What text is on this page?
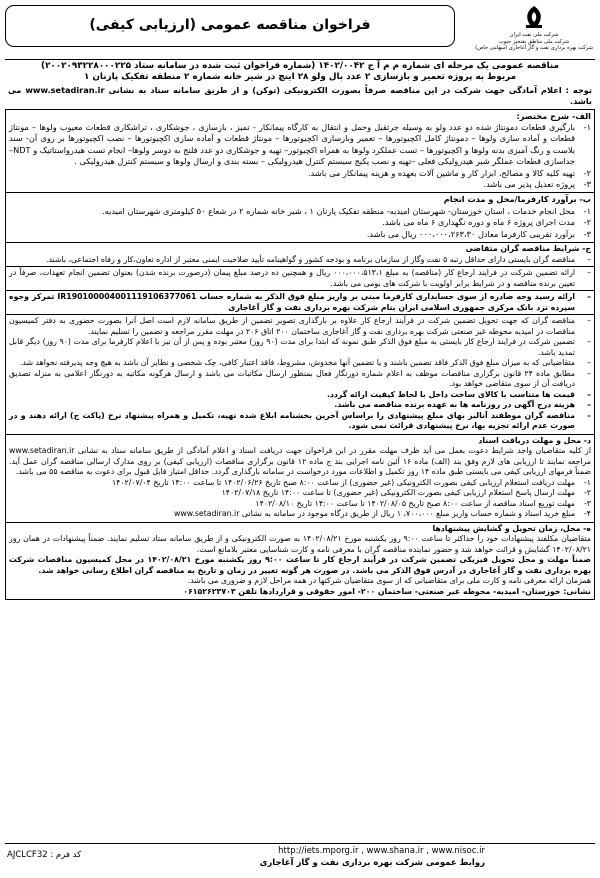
شرکت ملی نفت ایران
شرکت ملی مناطق نفتخیز جنوب
شرکت بهره برداری نفت و گاز آغاجاری (سهامی خاص)
فراخوان مناقصه عمومی (ارزیابی کیفی)
مناقصه عمومی یک مرحله ای شماره م م آ ج ۱۴۰۲/۰۰۴۲ (شماره فراخوان ثبت شده در سامانه ستاد ۲۰۰۲۰۹۳۲۲۸۰۰۰۲۲۵)
مربوط به پروژه تعمیر و بازسازی ۲ عدد بال ولو ۲۸ اینچ در شیر خانه شماره ۲ منطقه تفکیک پازنان ۱
توجه : اعلام آمادگی جهت شرکت در این مناقصه صرفاً بصورت الکترونیکی (توکن) و از طریق سامانه ستاد به نشانی www.setadiran.ir می باشد.
الف- شرح مختصر:
۱-
بارگیری قطعات دمونتاژ شده دو عدد ولو به وسیله جرثقیل وحمل و انتقال به کارگاه پیمانکار - تمیز ، بازسازی ، جوشکاری ، تراشکاری قطعات معیوب ولوها – مونتاژ قطعات و آماده سازی ولوها – دمونتاژ کامل اکچیوتورها – تعمیر وبازسازی اکچیوتورها – مونتاژ قطعات و آماده سازی اکچیوتورها – نصب اکچیوتورها بر روی آن- سند بلاست و رنگ آمیزی بدنه ولوها و اکچیوتورها – تست عملکرد ولوها به همراه اکچیوتور– تهیه و جوشکاری دو عدد فلنج به دوسر ولوها– انجام تست هیدرواستاتیک و NDT– جداسازی قطعات عملگر شیر هیدرولیکی فعلی –تهیه و نصب پکیج سیستم کنترل هیدرولیکی – بسته بندی و ارسال ولوها و سیستم کنترل هیدرولیکی .
۲-
تهیه کلیه کالا و مصالح، ابزار کار و ماشین آلات بعهده و هزینه پیمانکار می باشد.
۳-
پروژه تعدیل پذیر می باشد.
ب- برآورد کارفرما/محل و مدت انجام
۱-
محل انجام خدمات ، استان خوزستان- شهرستان امیدیه- منطقه تفکیک پازنان ۱ ، شیر خانه شماره ۲ در شعاع ۵۰ کیلومتری شهرستان امیدیه.
۲-
مدت اجرای پروژه ۶ ماه و دوره نگهداری ۶ ماه می باشد.
۳-
برآورد تقریبی کارفرما معادل ۰۰۰،۰۰۰،۲۶۳،۳۰ ریال می باشد.
ج- شرایط مناقصه گران متقاضی
–
مناقصه گران بایستی دارای حداقل رتبه ۵ نفت وگاز از سازمان برنامه و بودجه کشور و گواهینامه تأیید صلاحیت ایمنی معتبر از اداره تعاون،کار و رفاه اجتماعی، باشند.
–
ارائه تضمین شرکت در فرایند ارجاع کار (مناقصه) به مبلغ ۰۰۰،۰۰۰،۵۱۳،۱ ریال و همچنین ده درصد مبلغ پیمان (درصورت برنده شدن) بعنوان تضمین انجام تعهدات، صرفاً در تعیین برنده مناقصه و در شرایط برابر اولویت با شرکت های بومی می باشد.
–
ارائه رسید وجه صادره از سوی حسابداری کارفرما مبنی بر واریز مبلغ فوق الذکر به شماره حساب IR190100004001119106377061 تمرکز وجوه سپرده نزد بانک مرکزی جمهوری اسلامی ایران بنام شرکت بهره برداری نفت و گاز آغاجاری
–
مناقصه گران که جهت تحویل تضمین شرکت در فرآیند ارجاع کار علاوه بر بارگذاری تصویر تضمین از طریق سامانه لازم است اصل آنرا بصورت حضوری به دفتر کمیسیون مناقصات در امیدیه محوطه غیر صنعتی شرکت بهره برداری نفت و گاز آغاجاری ساختمان ۲۰۰ اتاق ۲۰۶ در مهلت مقرر مراجعه و تضمین را تسلیم نمایند.
–
تضمین شرکت در فرایند ارجاع کار بایستی به مبلغ فوق الذکر طبق نمونه که ابتدا برای مدت (۹۰ روز) معتبر بوده و پس از آن نیز با اعلام کارفرما برای مدت (۹۰ روز) دیگر قابل تمدید باشد.
–
متقاضیانی که به میزان مبلغ فوق الذکر فاقد تضمین باشند و یا تضمین آنها مخدوش، مشروط، فاقد اعتبار کافی، چک شخصی و نظایر آن باشد به هیچ وجه پذیرفته نخواهد شد.
–
مطابق ماده ۲۴ قانون برگزاری مناقصات موظف به اعلام شماره دورنگار فعال بمنظور ارسال مکاتبات می باشد و ارسال هرگونه مکاتبه به دورنگار اعلامی به منزله تصدیق دریافت آن از سوی متقاضی خواهد بود.
–
قیمت ها متناسب با کالای ساخت داخل با لحاظ کیفیت ارائه گردد.
–
هزینه درج آگهی در روزنامه ها به عهده برنده مناقصه می باشد.
–
مناقصه گران موظفند آنالیز بهای مبلغ پیشنهادی را براساس آخرین بخشنامه ابلاغ شده تهیه، تکمیل و همراه پیشنهاد نرخ (پاکت ج) ارائه دهند و در صورت عدم ارائه تجزیه بها، نرخ پیشنهادی قرائت نمی شود.
د- محل و مهلت دریافت اسناد
از کلیه متقاضیان واجد شرایط دعوت بعمل می آید ظرف مهلت مقرر در این فراخوان جهت دریافت اسناد و اعلام آمادگی از طریق سامانه ستاد به نشانی www.setadiran.ir مراجعه نمایند تا ارزیابی های لازم وفق بند (الف) ماده ۱۶ آئین نامه اجرایی بند ج ماده ۱۲ قانون برگزاری مناقصات (ارزیابی کیفی) بر روی مدارک ارسالی مناقصه گران عمل آید. ضمناً فرمهای ارزیابی کیفی می بایستی طبق ماده ۱۴ روز تکمیل و اطلاعات مورد درخواست در سامانه بارگذاری گردد. حداقل امتیاز قابل قبول برای دعوت به مناقصه ۵۵ می باشد.
۱-
مهلت دریافت استعلام ارزیابی کیفی بصورت الکترونیکی (غیر حضوری) از ساعت ۸:۰۰ صبح تاریخ ۱۴۰۲/۰۶/۲۶ تا ساعت ۱۴:۰۰ تاریخ ۱۴۰۲/۰۷/۰۴
۲-
مهلت ارسال پاسخ استعلام ارزیابی کیفی بصورت الکترونیکی (غیر حضوری) تا ساعت ۱۴:۰۰ تاریخ ۱۴۰۲/۰۷/۱۸
۳-
مهلت توزیع اسناد مناقصه از ساعت ۸:۰۰ صبح تاریخ ۱۴۰۲/۰۸/۰۵ تا ساعت ۱۴:۰۰ تاریخ ۱۴۰۲/۰۸/۱۰
۴-
مبلغ خرید اسناد و شماره حساب واریز مبلغ ۷۰۰،۰۰۰، ۱ ریال از طریق درگاه موجود در سامانه به نشانی www.setadiran.ir
ه- محل، زمان تحویل و گشایش پیشنهادها
متقاضیان مکلفند پیشنهادات خود را حداکثر تا ساعت ۹:۰۰ روز یکشنبه مورخ ۱۴۰۲/۰۸/۲۱ به صورت الکترونیکی و از طریق سامانه ستاد تسلیم نمایند. ضمناً پیشنهادات در همان روز ۱۴۰۲/۰۸/۲۱ گشایش و قرائت خواهد شد و حضور نماینده مناقصه گران با معرفی نامه و کارت شناسایی معتبر بلامانع است.
ضمناً مهلت و محل تحویل فیزیکی تضمین شرکت در فرآیند ارجاع کار تا ساعت ۹:۰۰ روز یکشنبه مورخ ۱۴۰۲/۰۸/۲۱ در محل کمیسیون مناقصات شرکت بهره برداری نفت و گاز آغاجاری در آدرس فوق الذکر می باشد. در صورت هر گونه تغییر در زمان و تاریخ به مناقصه گران اطلاع رسانی خواهد شد.
همزمان ارائه معرفی نامه و کارت ملی برای متقاضیانی که از سوی متقاضیان شرکتها در همه مراحل لازم و ضروری می باشد.
نشانی: خوزستان- امیدیه- محوطه غیر صنعتی- ساختمان ۲۰۰- امور حقوقی و قراردادها تلفن ۰۶۱۵۲۶۲۳۷۰۳
http://iets.mporg.ir , www.shana.ir , www.nisoc.ir
روابط عمومی شرکت بهره برداری نفت و گاز آغاجاری
کد فرم : AJCLCF32
